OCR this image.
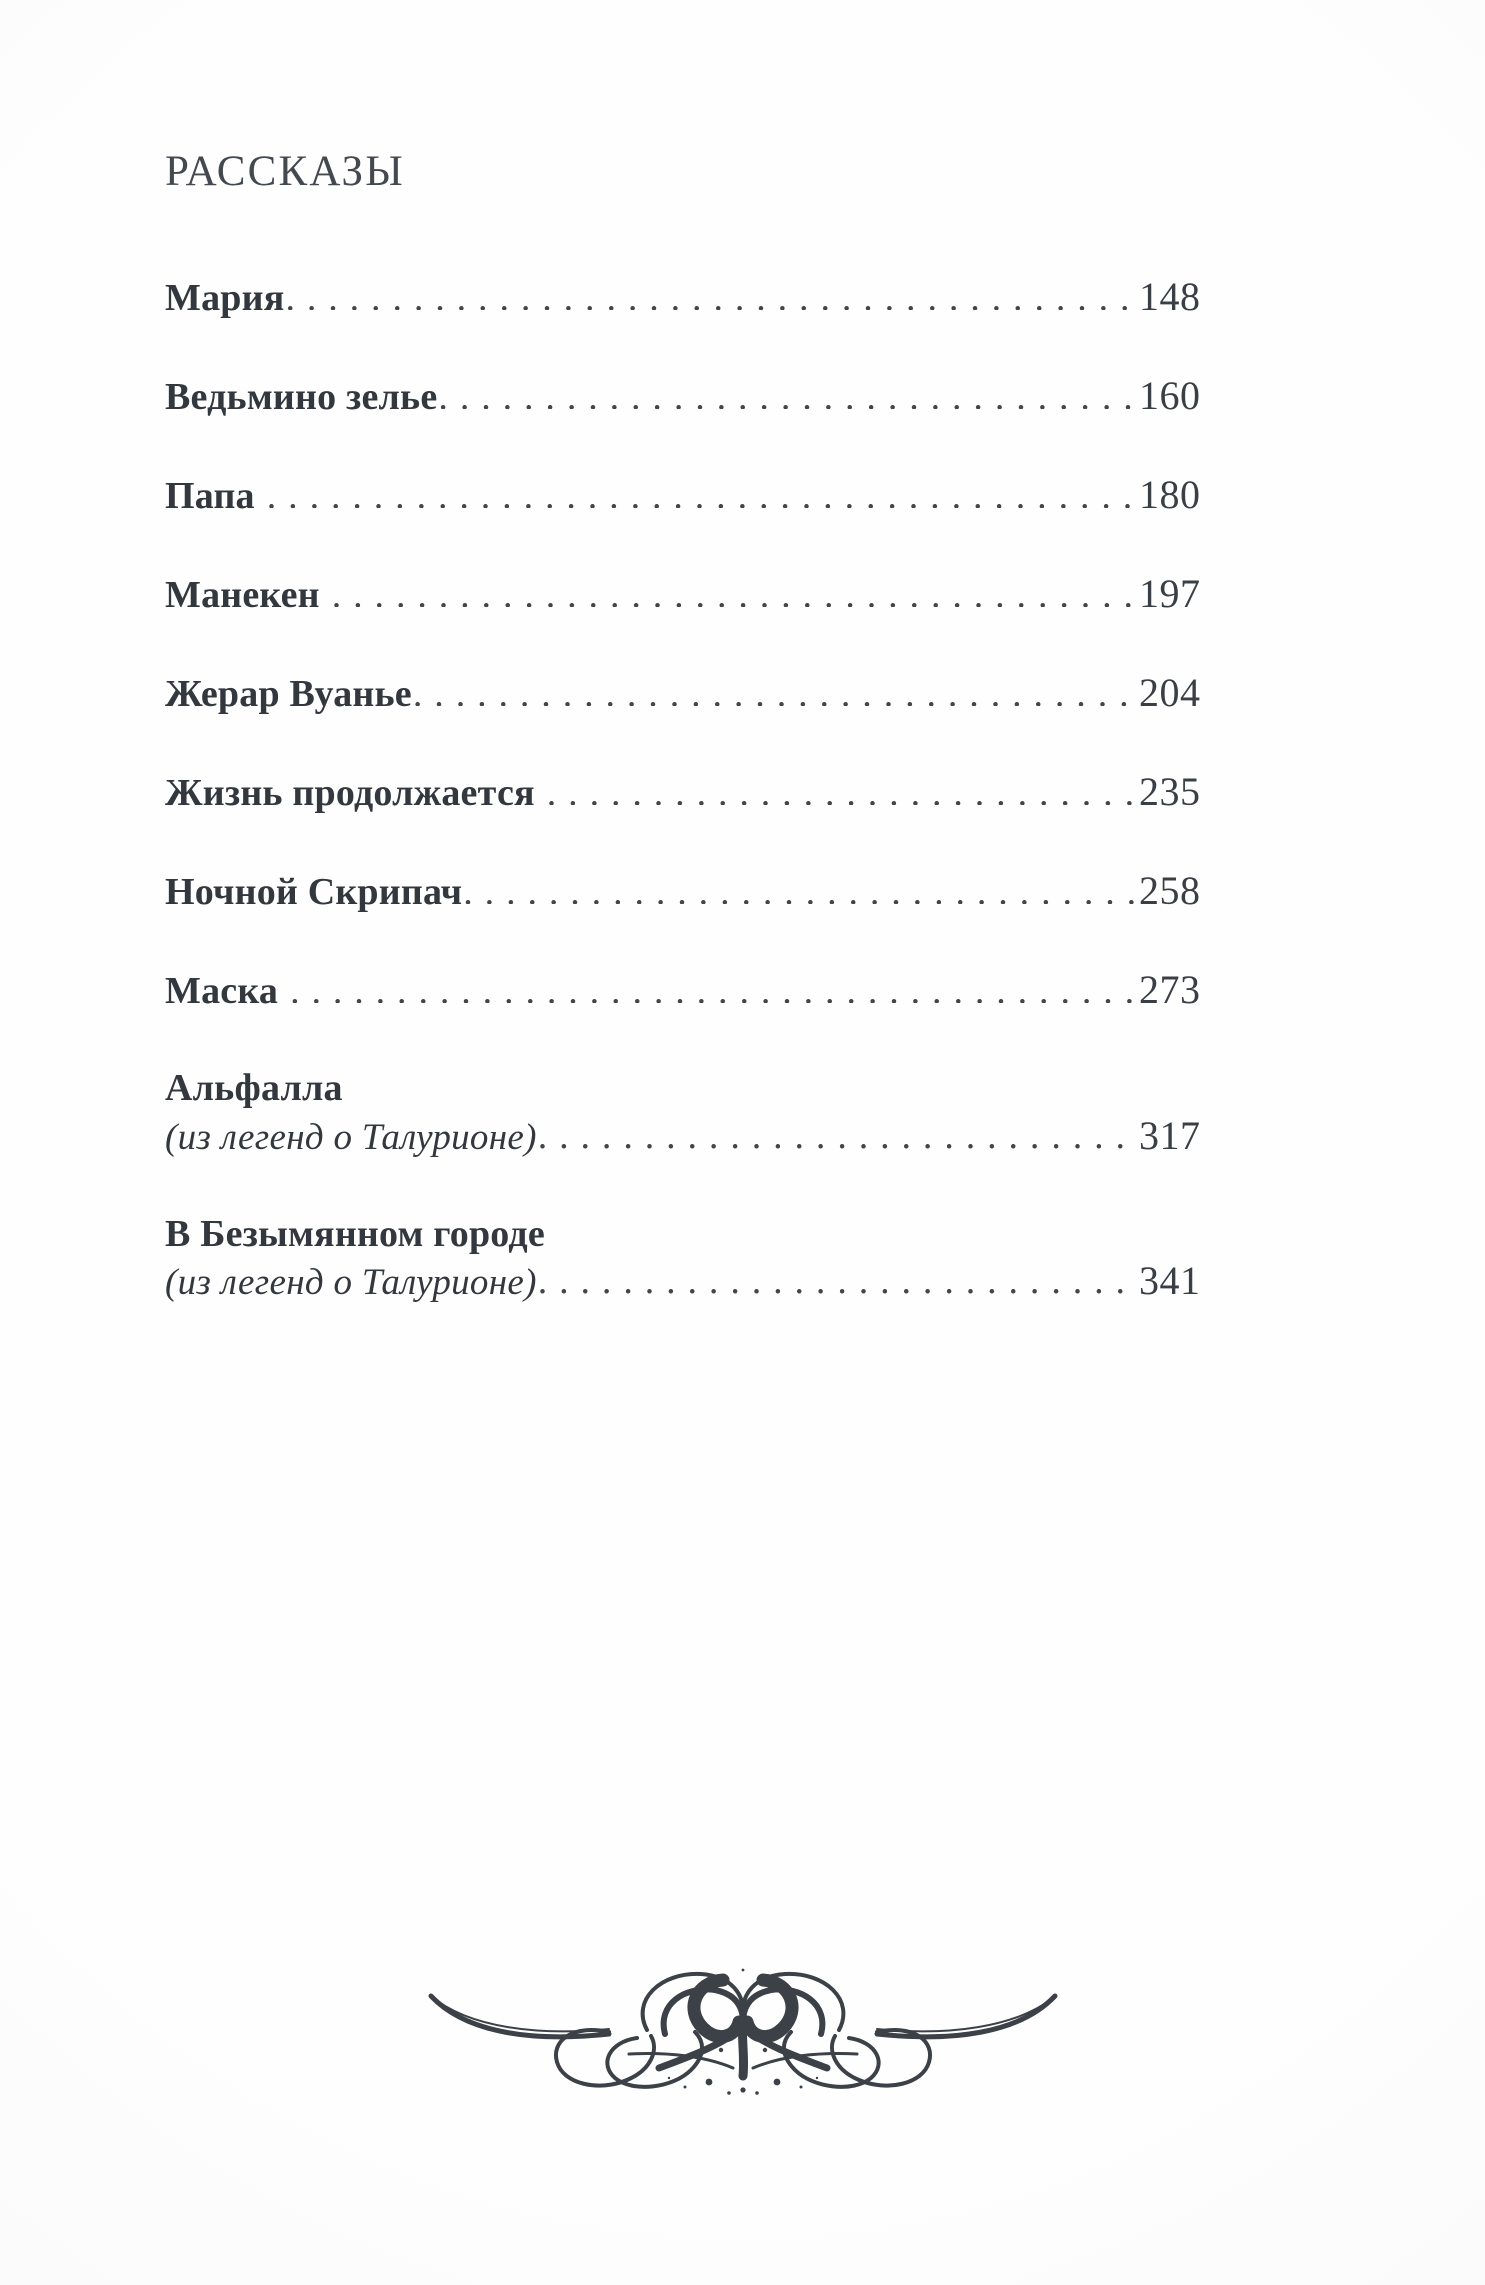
РАССКАЗЫ
Мария . . .	148
Ведьмино зелье . . .	160
Папа . . .	180
Манекен . . .	197
Жерар Вуанье . . .	204
Жизнь продолжается . . .	235
Ночной Скрипач . . .	258
Маска . . .	273
Альфалла
(из легенд о Талурионе) . . .	317
В Безымянном городе
(из легенд о Талурионе) . . .	341
